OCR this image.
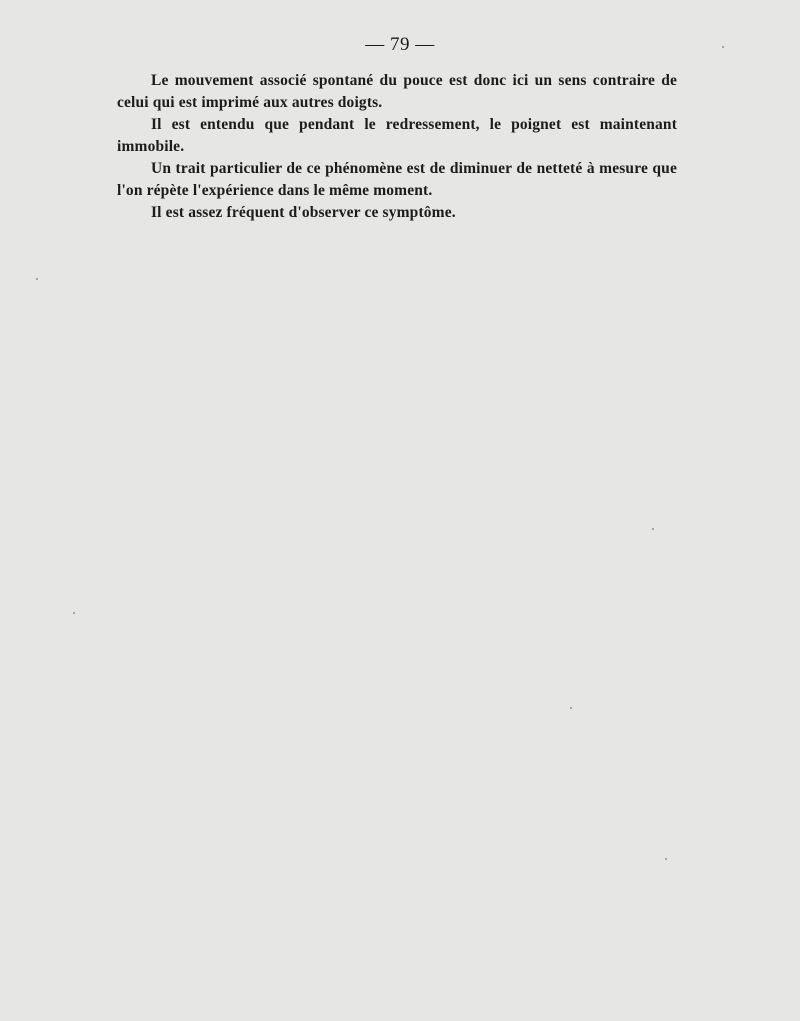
— 79 —

Le mouvement associé spontané du pouce est donc ici un sens contraire de celui qui est imprimé aux autres doigts.

Il est entendu que pendant le redressement, le poignet est maintenant immobile.

Un trait particulier de ce phénomène est de diminuer de netteté à mesure que l'on répète l'expérience dans le même moment.

Il est assez fréquent d'observer ce symptôme.
